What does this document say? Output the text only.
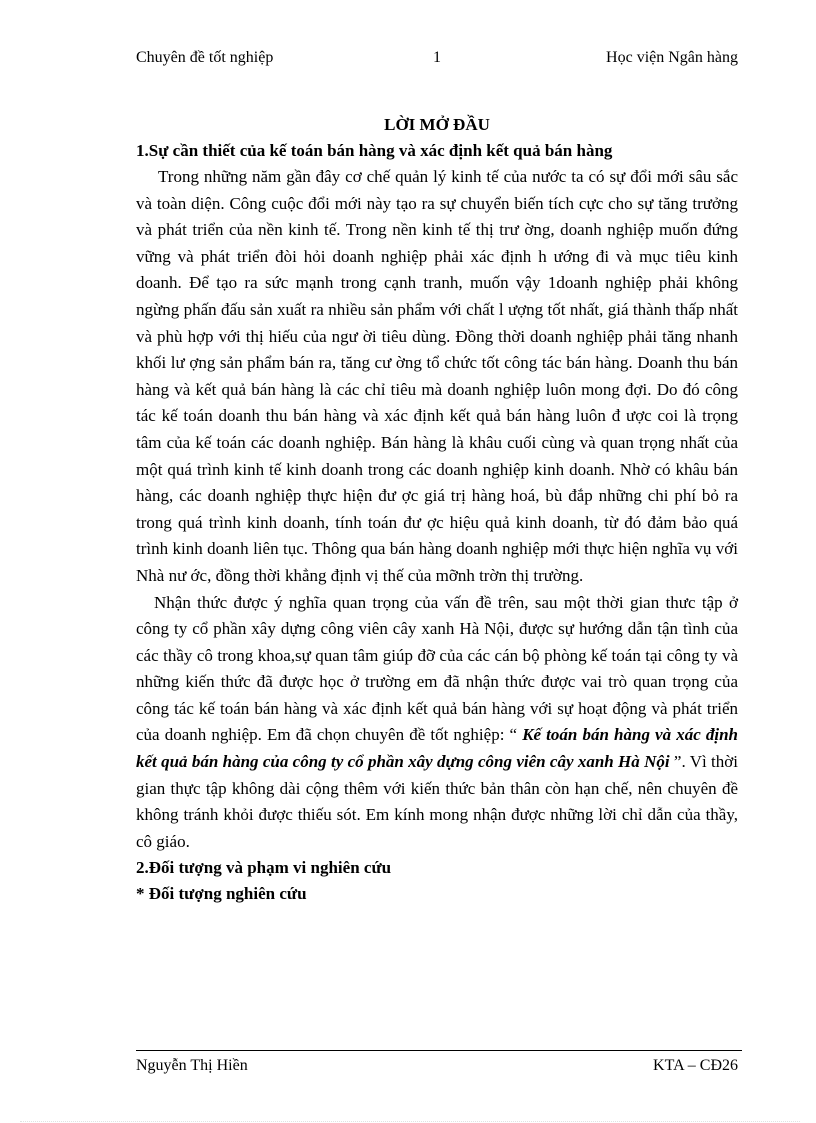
Chuyên đề tốt nghiệp	1	Học viện Ngân hàng

LỜI MỞ ĐẦU

1.Sự cần thiết của kế toán bán hàng và xác định kết quả bán hàng

Trong những năm gần đây cơ chế quản lý kinh tế của nước ta có sự đổi mới sâu sắc và toàn diện. Công cuộc đổi mới này tạo ra sự chuyển biến tích cực cho sự tăng trưởng và phát triển của nền kinh tế. Trong nền kinh tế thị trư ờng, doanh nghiệp muốn đứng vững và phát triển đòi hỏi doanh nghiệp phải xác định h ướng đi và mục tiêu kinh doanh. Để tạo ra sức mạnh trong cạnh tranh, muốn vậy 1doanh nghiệp phải không ngừng phấn đấu sản xuất ra nhiều sản phẩm với chất l ượng tốt nhất, giá thành thấp nhất và phù hợp với thị hiếu của ngư ời tiêu dùng. Đồng thời doanh nghiệp phải tăng nhanh khối lư ợng sản phẩm bán ra, tăng cư ờng tổ chức tốt công tác bán hàng. Doanh thu bán hàng và kết quả bán hàng là các chỉ tiêu mà doanh nghiệp luôn mong đợi. Do đó công tác kế toán doanh thu bán hàng và xác định kết quả bán hàng luôn đ ược coi là trọng tâm của kế toán các doanh nghiệp. Bán hàng là khâu cuối cùng và quan trọng nhất của một quá trình kinh tế kinh doanh trong các doanh nghiệp kinh doanh. Nhờ có khâu bán hàng, các doanh nghiệp thực hiện đư ợc giá trị hàng hoá, bù đắp những chi phí bỏ ra trong quá trình kinh doanh, tính toán đư ợc hiệu quả kinh doanh, từ đó đảm bảo quá trình kinh doanh liên tục. Thông qua bán hàng doanh nghiệp mới thực hiện nghĩa vụ với Nhà nư ớc, đồng thời khẳng định vị thế của mỡnh trờn thị trường.

Nhận thức được ý nghĩa quan trọng của vấn đề trên, sau một thời gian thưc tập ở công ty cổ phần xây dựng công viên cây xanh Hà Nội, được sự hướng dẫn tận tình của các thầy cô trong khoa,sự quan tâm giúp đỡ của các cán bộ phòng kế toán tại công ty và những kiến thức đã được học ở trường em đã nhận thức được vai trò quan trọng của công tác kế toán bán hàng và xác định kết quả bán hàng với sự hoạt động và phát triển của doanh nghiệp. Em đã chọn chuyên đề tốt nghiệp: “ Kế toán bán hàng và xác định kết quả bán hàng của công ty cổ phần xây dựng công viên cây xanh Hà Nội ”. Vì thời gian thực tập không dài cộng thêm với kiến thức bản thân còn hạn chế, nên chuyên đề không tránh khỏi được thiếu sót. Em kính mong nhận được những lời chỉ dẫn của thầy, cô giáo.

2.Đối tượng và phạm vi nghiên cứu

* Đối tượng nghiên cứu

Nguyễn Thị Hiền	KTA – CĐ26
